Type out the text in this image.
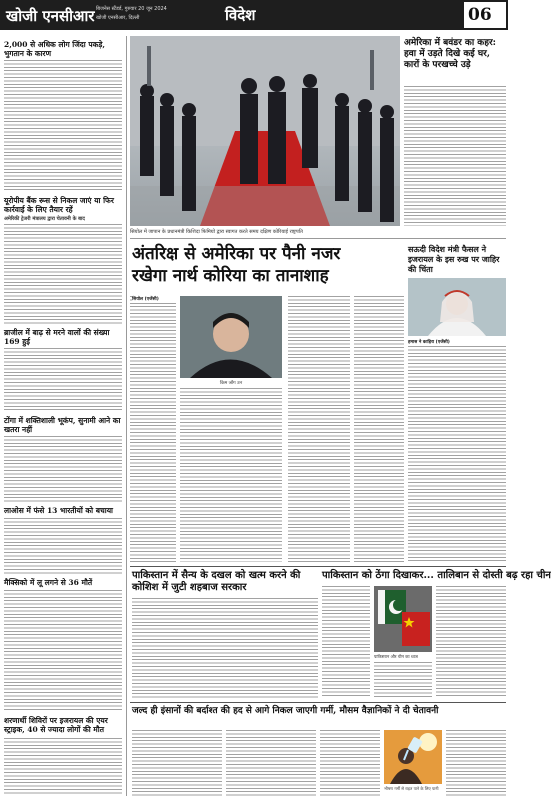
खोजी एनसीआर बिजनेस स्टैंडर्ड, गुरुवार 20 जून 2024
खोजी एनसीआर, दिल्ली	विदेश	06
2,000 से अधिक लोग जिंदा पकड़े, भुगतान के कारण
यूरोपीय बैंक रूस से निकल जाएं या फिर कार्रवाई के लिए तैयार रहें
अमेरिकी ट्रेजरी मंत्रालय द्वारा चेतावनी के बाद
ब्राजील में बाढ़ से मरने वालों की संख्या 169 हुई
टोंगा में शक्तिशाली भूकंप, सुनामी आने का खतरा नहीं
लाओस में फंसे 13 भारतीयों को बचाया
मैक्सिको में लू लगने से 36 मौतें
शरणार्थी शिविरों पर इजरायल की एयर स्ट्राइक, 40 से ज्यादा लोगों की मौत
अमेरिका में बवंडर का कहर: हवा में उड़ते दिखे कई घर, कारों के परखच्चे उड़े
सियोल में जापान के प्रधानमंत्री किशिदा फिमियो द्वारा स्वागत करते समय दक्षिण कोरियाई राष्ट्रपति
अंतरिक्ष से अमेरिका पर पैनी नजर
रखेगा नार्थ कोरिया का तानाशाह
किम जोंग उन
सियोल (एजेंसी)
सऊदी विदेश मंत्री फैसल ने इजरायल के इस रुख पर जाहिर की चिंता
हमास ने काहिरा (एजेंसी)
पाकिस्तान में सैन्य के दखल को खत्म करने की कोशिश में जुटी शहबाज सरकार
पाकिस्तान को ठेंगा दिखाकर... तालिबान से दोस्ती बढ़ रहा चीन
पाकिस्तान और चीन का ध्वज
जल्द ही इंसानों की बर्दाश्त की हद से आगे निकल जाएगी गर्मी, मौसम वैज्ञानिकों ने दी चेतावनी
भीषण गर्मी से राहत पाने के लिए पानी
